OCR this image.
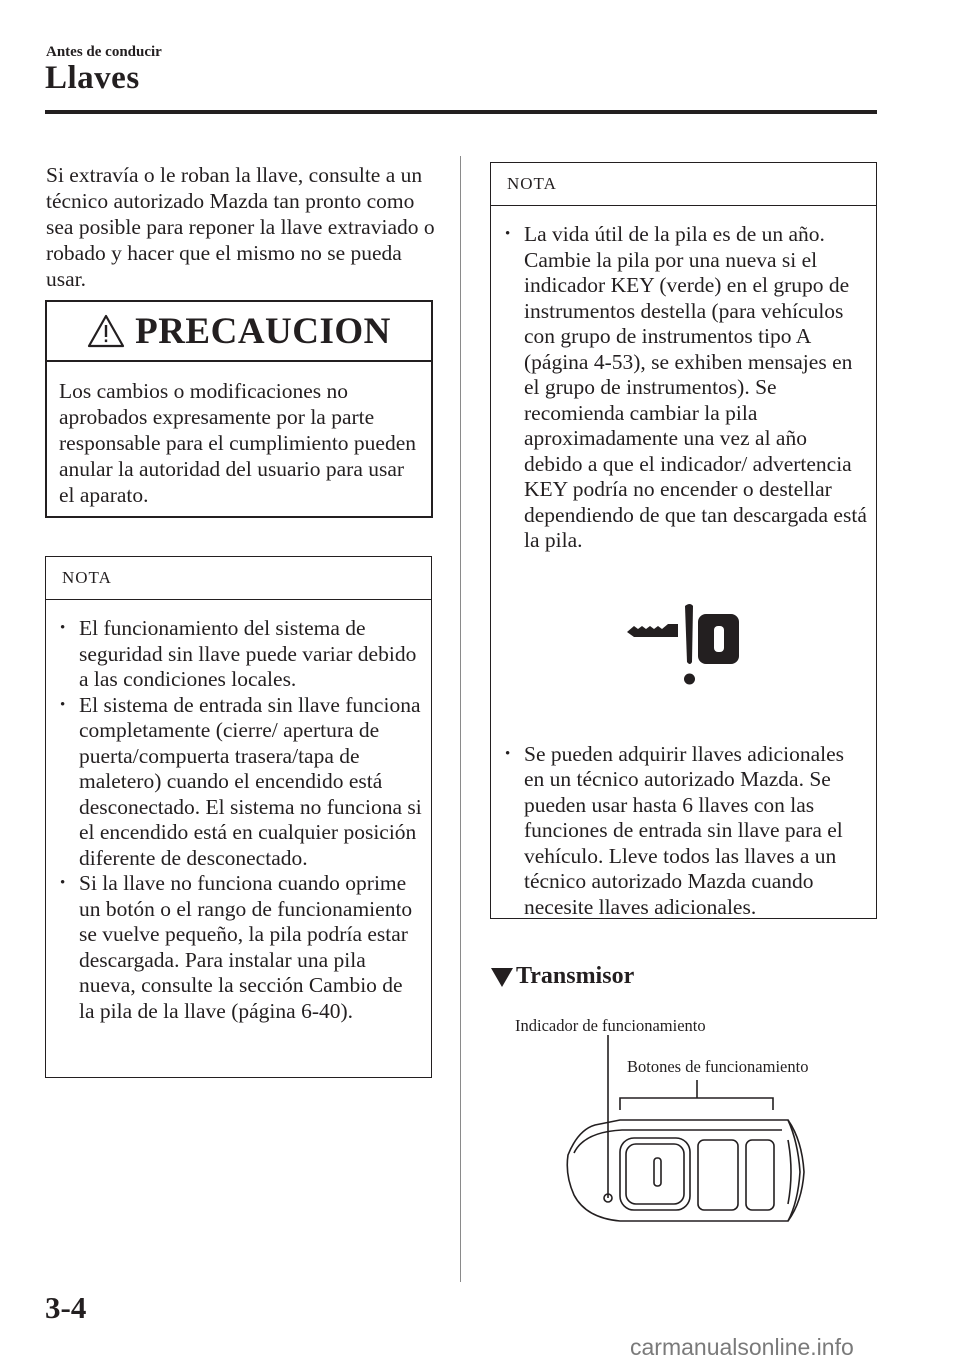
Antes de conducir
Llaves
Si extravía o le roban la llave, consulte a un técnico autorizado Mazda tan pronto como sea posible para reponer la llave extraviado o robado y hacer que el mismo no se pueda usar.
PRECAUCION
Los cambios o modificaciones no aprobados expresamente por la parte responsable para el cumplimiento pueden anular la autoridad del usuario para usar el aparato.
NOTA
• El funcionamiento del sistema de seguridad sin llave puede variar debido a las condiciones locales.
• El sistema de entrada sin llave funciona completamente (cierre/ apertura de puerta/compuerta trasera/tapa de maletero) cuando el encendido está desconectado. El sistema no funciona si el encendido está en cualquier posición diferente de desconectado.
• Si la llave no funciona cuando oprime un botón o el rango de funcionamiento se vuelve pequeño, la pila podría estar descargada. Para instalar una pila nueva, consulte la sección Cambio de la pila de la llave (página 6-40).
NOTA
• La vida útil de la pila es de un año. Cambie la pila por una nueva si el indicador KEY (verde) en el grupo de instrumentos destella (para vehículos con grupo de instrumentos tipo A (página 4-53), se exhiben mensajes en el grupo de instrumentos). Se recomienda cambiar la pila aproximadamente una vez al año debido a que el indicador/ advertencia KEY podría no encender o destellar dependiendo de que tan descargada está la pila.
• Se pueden adquirir llaves adicionales en un técnico autorizado Mazda. Se pueden usar hasta 6 llaves con las funciones de entrada sin llave para el vehículo. Lleve todos las llaves a un técnico autorizado Mazda cuando necesite llaves adicionales.
Transmisor
Indicador de funcionamiento
Botones de funcionamiento
3-4
carmanualsonline.info
